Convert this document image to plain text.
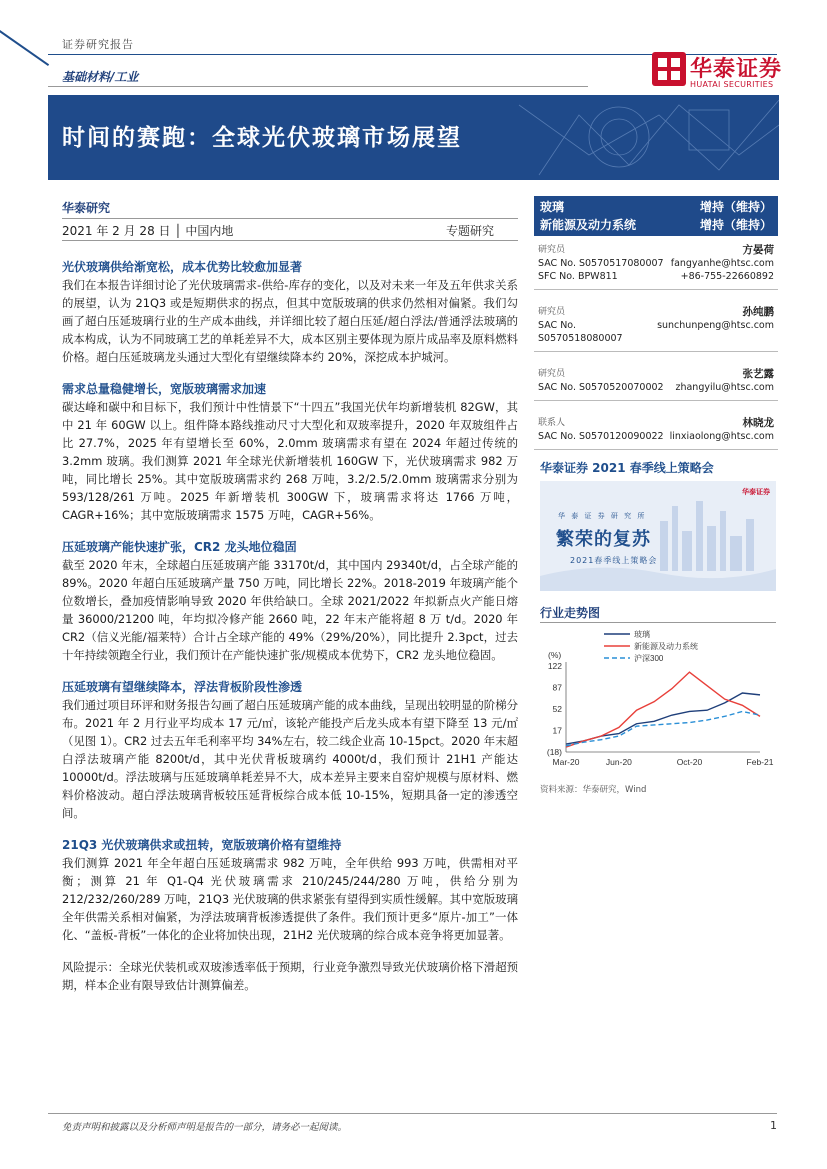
证券研究报告
基础材料/工业	华泰证券
HUATAI SECURITIES
时间的赛跑：全球光伏玻璃市场展望
华泰研究
2021 年 2 月 28 日 │ 中国内地	专题研究
光伏玻璃供给渐宽松，成本优势比较愈加显著
我们在本报告详细讨论了光伏玻璃需求-供给-库存的变化，以及对未来一年及五年供求关系的展望，认为 21Q3 或是短期供求的拐点，但其中宽版玻璃的供求仍然相对偏紧。我们勾画了超白压延玻璃行业的生产成本曲线，并详细比较了超白压延/超白浮法/普通浮法玻璃的成本构成，认为不同玻璃工艺的单耗差异不大，成本区别主要体现为原片成品率及原料燃料价格。超白压延玻璃龙头通过大型化有望继续降本约 20%，深挖成本护城河。
需求总量稳健增长，宽版玻璃需求加速
碳达峰和碳中和目标下，我们预计中性情景下“十四五”我国光伏年均新增装机 82GW，其中 21 年 60GW 以上。组件降本路线推动尺寸大型化和双玻率提升，2020 年双玻组件占比 27.7%，2025 年有望增长至 60%，2.0mm 玻璃需求有望在 2024 年超过传统的 3.2mm 玻璃。我们测算 2021 年全球光伏新增装机 160GW 下，光伏玻璃需求 982 万吨，同比增长 25%。其中宽版玻璃需求约 268 万吨，3.2/2.5/2.0mm 玻璃需求分别为 593/128/261 万吨。2025 年新增装机 300GW 下，玻璃需求将达 1766 万吨，CAGR+16%；其中宽版玻璃需求 1575 万吨，CAGR+56%。
压延玻璃产能快速扩张，CR2 龙头地位稳固
截至 2020 年末，全球超白压延玻璃产能 33170t/d，其中国内 29340t/d，占全球产能的 89%。2020 年超白压延玻璃产量 750 万吨，同比增长 22%。2018-2019 年玻璃产能个位数增长，叠加疫情影响导致 2020 年供给缺口。全球 2021/2022 年拟新点火产能日熔量 36000/21200 吨，年均拟冷修产能 2660 吨，22 年末产能将超 8 万 t/d。2020 年 CR2（信义光能/福莱特）合计占全球产能的 49%（29%/20%），同比提升 2.3pct，过去十年持续领跑全行业，我们预计在产能快速扩张/规模成本优势下，CR2 龙头地位稳固。
压延玻璃有望继续降本，浮法背板阶段性渗透
我们通过项目环评和财务报告勾画了超白压延玻璃产能的成本曲线，呈现出较明显的阶梯分布。2021 年 2 月行业平均成本 17 元/㎡，该轮产能投产后龙头成本有望下降至 13 元/㎡（见图 1）。CR2 过去五年毛利率平均 34%左右，较二线企业高 10-15pct。2020 年末超白浮法玻璃产能 8200t/d，其中光伏背板玻璃约 4000t/d，我们预计 21H1 产能达 10000t/d。浮法玻璃与压延玻璃单耗差异不大，成本差异主要来自窑炉规模与原材料、燃料价格波动。超白浮法玻璃背板较压延背板综合成本低 10-15%，短期具备一定的渗透空间。
21Q3 光伏玻璃供求或扭转，宽版玻璃价格有望维持
我们测算 2021 年全年超白压延玻璃需求 982 万吨，全年供给 993 万吨，供需相对平衡；测算 21 年 Q1-Q4 光伏玻璃需求 210/245/244/280 万吨，供给分别为 212/232/260/289 万吨，21Q3 光伏玻璃的供求紧张有望得到实质性缓解。其中宽版玻璃全年供需关系相对偏紧，为浮法玻璃背板渗透提供了条件。我们预计更多“原片-加工”一体化、“盖板-背板”一体化的企业将加快出现，21H2 光伏玻璃的综合成本竞争将更加显著。
风险提示：全球光伏装机或双玻渗透率低于预期，行业竞争激烈导致光伏玻璃价格下滑超预期，样本企业有限导致估计测算偏差。
玻璃	增持（维持）
新能源及动力系统	增持（维持）
研究员	方晏荷
SAC No. S0570517080007 fangyanhe@htsc.com
SFC No. BPW811	+86-755-22660892
研究员	孙纯鹏
SAC No. S0570518080007
sunchunpeng@htsc.com
研究员	张艺露
SAC No. S0570520070002 zhangyilu@htsc.com
联系人	林晓龙
SAC No. S0570120090022 linxiaolong@htsc.com
华泰证券 2021 春季线上策略会
华泰证券
华 泰 证 券 研 究 所
繁荣的复苏
2021春季线上策略会
行业走势图
(%)
122
87
52
17
(18)
Mar-20	Jun-20	Oct-20	Feb-21
玻璃
新能源及动力系统
沪深300
资料来源：华泰研究，Wind
免责声明和披露以及分析师声明是报告的一部分，请务必一起阅读。	1
